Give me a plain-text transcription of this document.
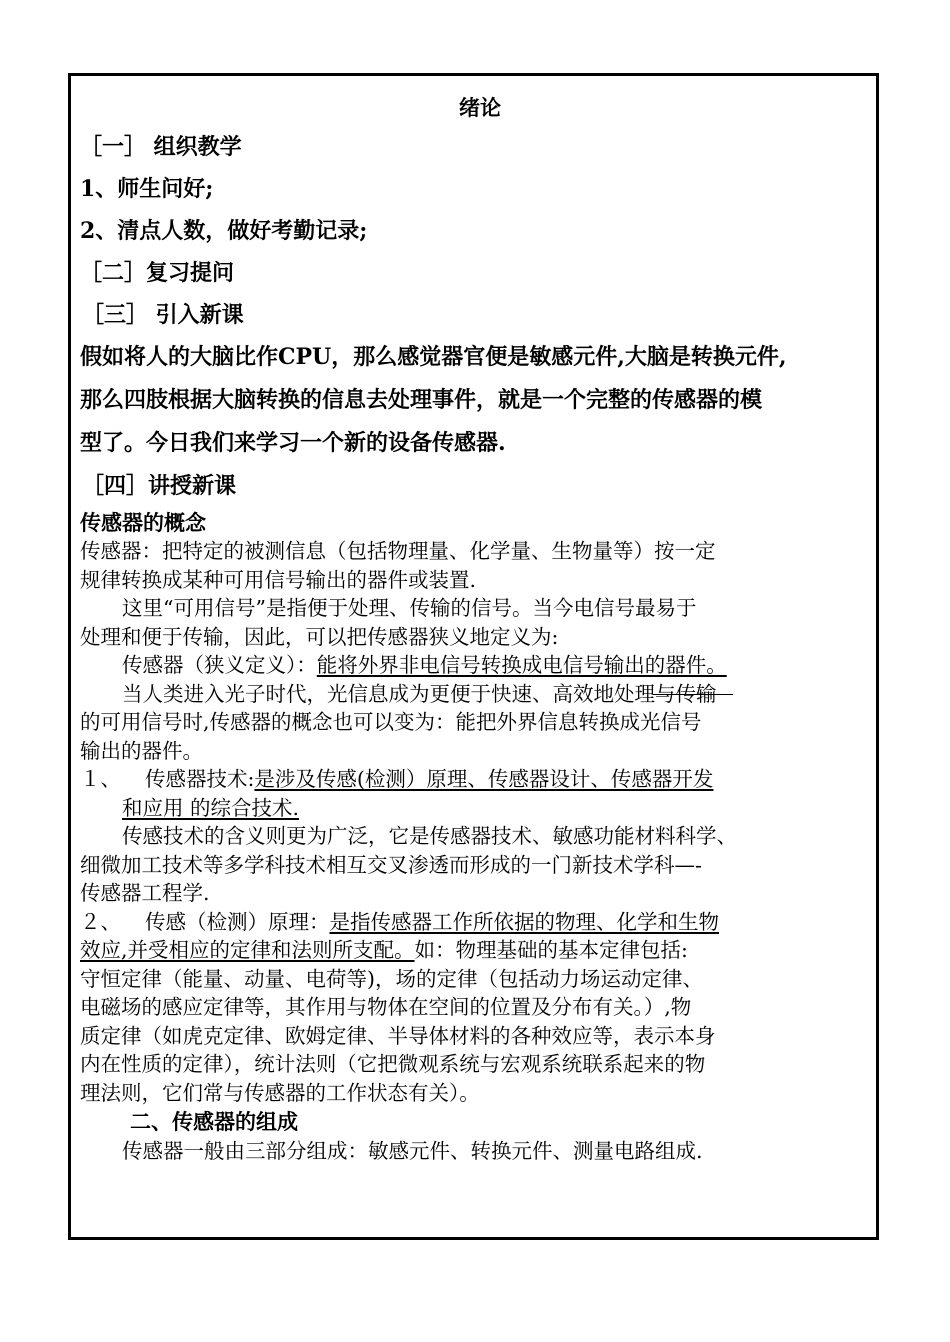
绪论
［一］ 组织教学
1、师生问好;
2、清点人数，做好考勤记录;
［二］复习提问
［三］ 引入新课
假如将人的大脑比作CPU，那么感觉器官便是敏感元件,大脑是转换元件,
那么四肢根据大脑转换的信息去处理事件，就是一个完整的传感器的模
型了。今日我们来学习一个新的设备传感器.
［四］讲授新课
传感器的概念
传感器：把特定的被测信息（包括物理量、化学量、生物量等）按一定
规律转换成某种可用信号输出的器件或装置.
这里“可用信号”是指便于处理、传输的信号。当今电信号最易于
处理和便于传输，因此，可以把传感器狭义地定义为:
传感器（狭义定义）：能将外界非电信号转换成电信号输出的器件。
当人类进入光子时代，光信息成为更便于快速、高效地处理与传输
的可用信号时,传感器的概念也可以变为：能把外界信息转换成光信号
输出的器件。
１、 传感器技术:是涉及传感(检测）原理、传感器设计、传感器开发
和应用 的综合技术.
传感技术的含义则更为广泛，它是传感器技术、敏感功能材料科学、
细微加工技术等多学科技术相互交叉渗透而形成的一门新技术学科—-
传感器工程学.
２、 传感（检测）原理：是指传感器工作所依据的物理、化学和生物
效应,并受相应的定律和法则所支配。如：物理基础的基本定律包括:
守恒定律（能量、动量、电荷等)，场的定律（包括动力场运动定律、
电磁场的感应定律等，其作用与物体在空间的位置及分布有关。）,物
质定律（如虎克定律、欧姆定律、半导体材料的各种效应等，表示本身
内在性质的定律），统计法则（它把微观系统与宏观系统联系起来的物
理法则，它们常与传感器的工作状态有关）。
二、传感器的组成
传感器一般由三部分组成：敏感元件、转换元件、测量电路组成.
